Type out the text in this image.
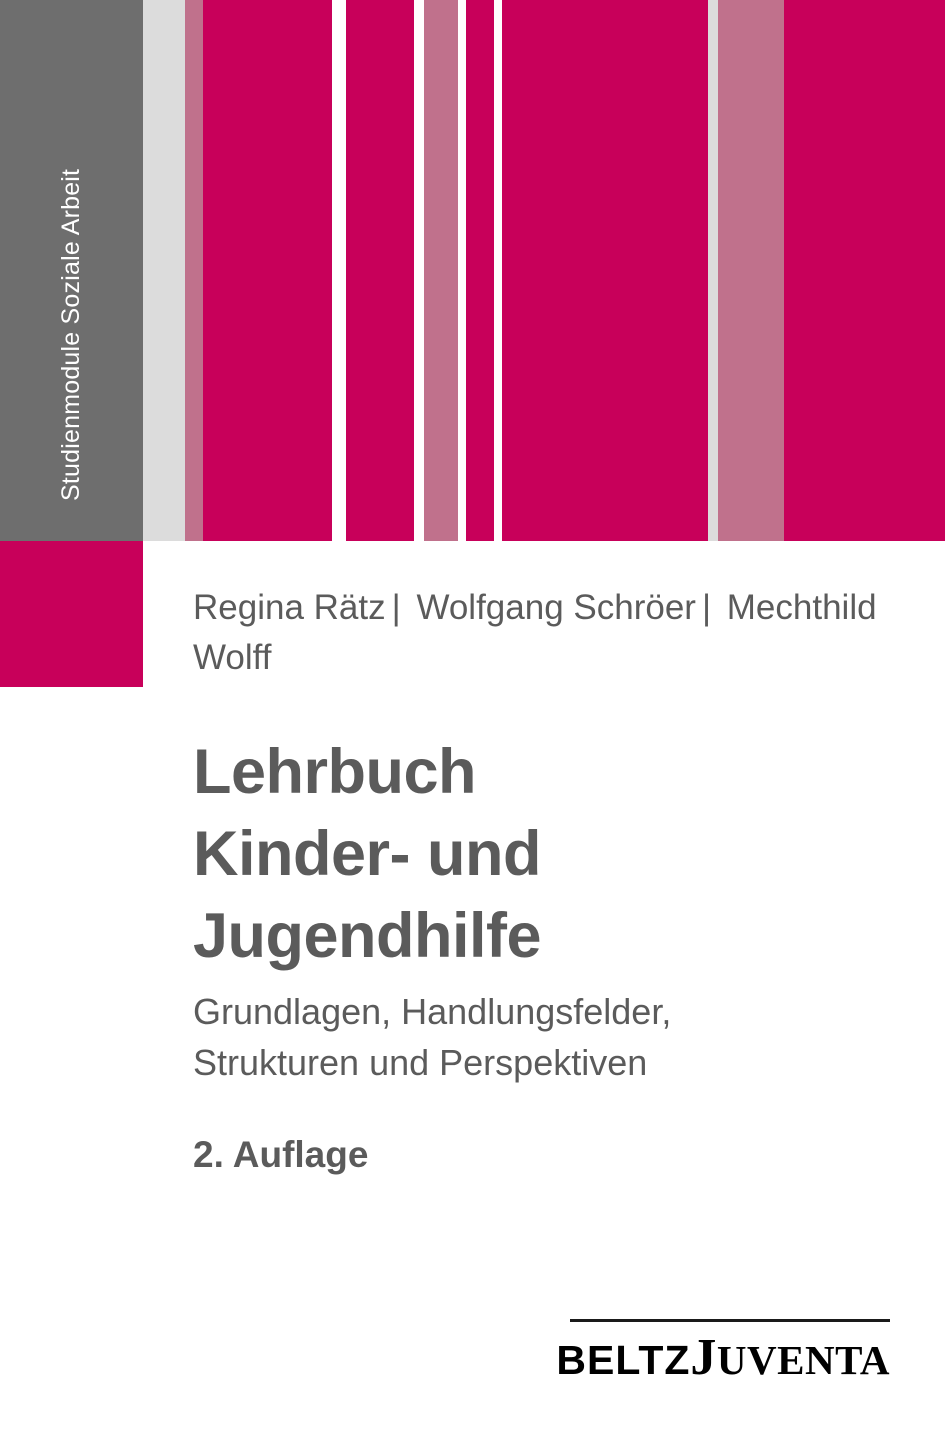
Studienmodule Soziale Arbeit
Regina Rätz | Wolfgang Schröer | Mechthild Wolff
Lehrbuch
Kinder- und
Jugendhilfe
Grundlagen, Handlungsfelder,
Strukturen und Perspektiven
2. Auflage
BELTZJUVENTA
